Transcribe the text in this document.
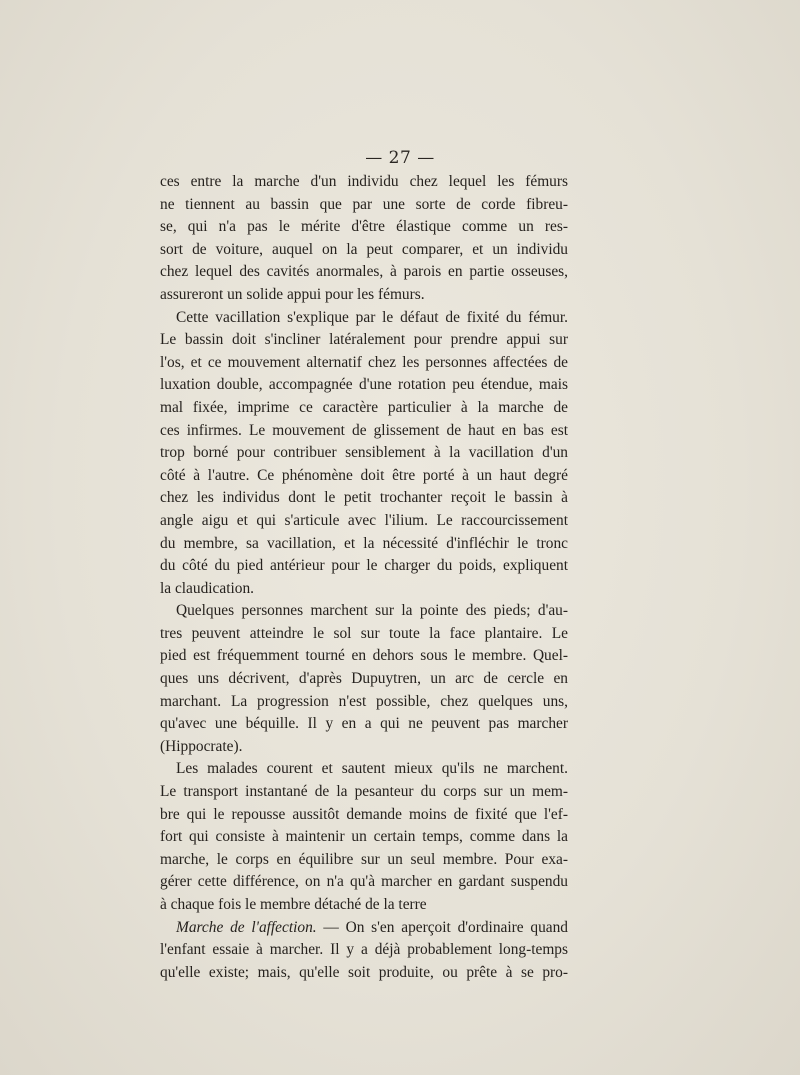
— 27 —
ces entre la marche d'un individu chez lequel les fémurs
ne tiennent au bassin que par une sorte de corde fibreu-
se, qui n'a pas le mérite d'être élastique comme un res-
sort de voiture, auquel on la peut comparer, et un individu
chez lequel des cavités anormales, à parois en partie osseuses,
assureront un solide appui pour les fémurs.
Cette vacillation s'explique par le défaut de fixité du fémur.
Le bassin doit s'incliner latéralement pour prendre appui sur
l'os, et ce mouvement alternatif chez les personnes affectées de
luxation double, accompagnée d'une rotation peu étendue, mais
mal fixée, imprime ce caractère particulier à la marche de
ces infirmes. Le mouvement de glissement de haut en bas est
trop borné pour contribuer sensiblement à la vacillation d'un
côté à l'autre. Ce phénomène doit être porté à un haut degré
chez les individus dont le petit trochanter reçoit le bassin à
angle aigu et qui s'articule avec l'ilium. Le raccourcissement
du membre, sa vacillation, et la nécessité d'infléchir le tronc
du côté du pied antérieur pour le charger du poids, expliquent
la claudication.
Quelques personnes marchent sur la pointe des pieds; d'au-
tres peuvent atteindre le sol sur toute la face plantaire. Le
pied est fréquemment tourné en dehors sous le membre. Quel-
ques uns décrivent, d'après Dupuytren, un arc de cercle en
marchant. La progression n'est possible, chez quelques uns,
qu'avec une béquille. Il y en a qui ne peuvent pas marcher
(Hippocrate).
Les malades courent et sautent mieux qu'ils ne marchent.
Le transport instantané de la pesanteur du corps sur un mem-
bre qui le repousse aussitôt demande moins de fixité que l'ef-
fort qui consiste à maintenir un certain temps, comme dans la
marche, le corps en équilibre sur un seul membre. Pour exa-
gérer cette différence, on n'a qu'à marcher en gardant suspendu
à chaque fois le membre détaché de la terre
Marche de l'affection. — On s'en aperçoit d'ordinaire quand
l'enfant essaie à marcher. Il y a déjà probablement long-temps
qu'elle existe; mais, qu'elle soit produite, ou prête à se pro-
